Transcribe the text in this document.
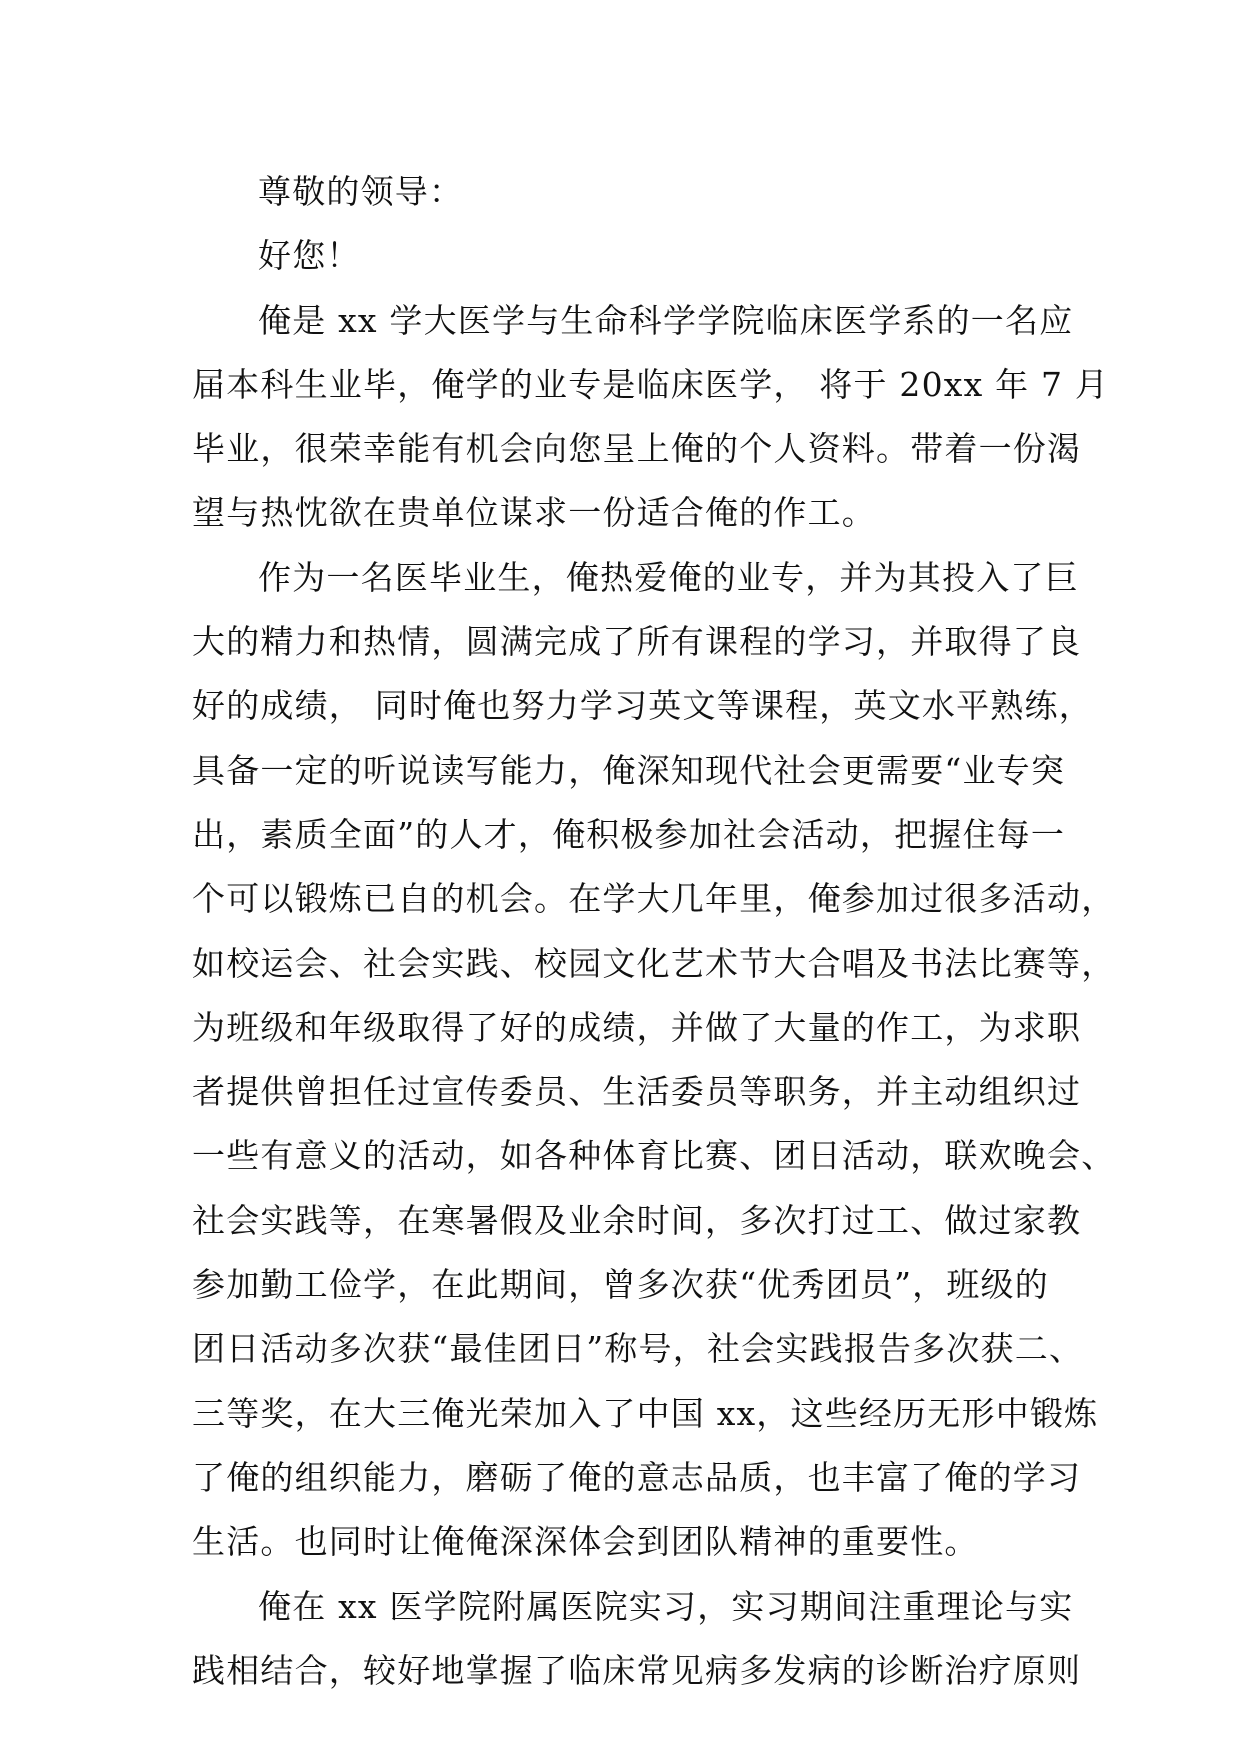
尊敬的领导：
好您！
俺是 xx 学大医学与生命科学学院临床医学系的一名应
届本科生业毕，俺学的业专是临床医学， 将于 20xx 年 7 月
毕业，很荣幸能有机会向您呈上俺的个人资料。带着一份渴
望与热忱欲在贵单位谋求一份适合俺的作工。
作为一名医毕业生，俺热爱俺的业专，并为其投入了巨
大的精力和热情，圆满完成了所有课程的学习，并取得了良
好的成绩， 同时俺也努力学习英文等课程，英文水平熟练，
具备一定的听说读写能力，俺深知现代社会更需要“业专突
出，素质全面”的人才，俺积极参加社会活动，把握住每一
个可以锻炼已自的机会。在学大几年里，俺参加过很多活动，
如校运会、社会实践、校园文化艺术节大合唱及书法比赛等，
为班级和年级取得了好的成绩，并做了大量的作工，为求职
者提供曾担任过宣传委员、生活委员等职务，并主动组织过
一些有意义的活动，如各种体育比赛、团日活动，联欢晚会、
社会实践等，在寒暑假及业余时间，多次打过工、做过家教
参加勤工俭学，在此期间，曾多次获“优秀团员”，班级的
团日活动多次获“最佳团日”称号，社会实践报告多次获二、
三等奖，在大三俺光荣加入了中国 xx，这些经历无形中锻炼
了俺的组织能力，磨砺了俺的意志品质，也丰富了俺的学习
生活。也同时让俺俺深深体会到团队精神的重要性。
俺在 xx 医学院附属医院实习，实习期间注重理论与实
践相结合，较好地掌握了临床常见病多发病的诊断治疗原则
